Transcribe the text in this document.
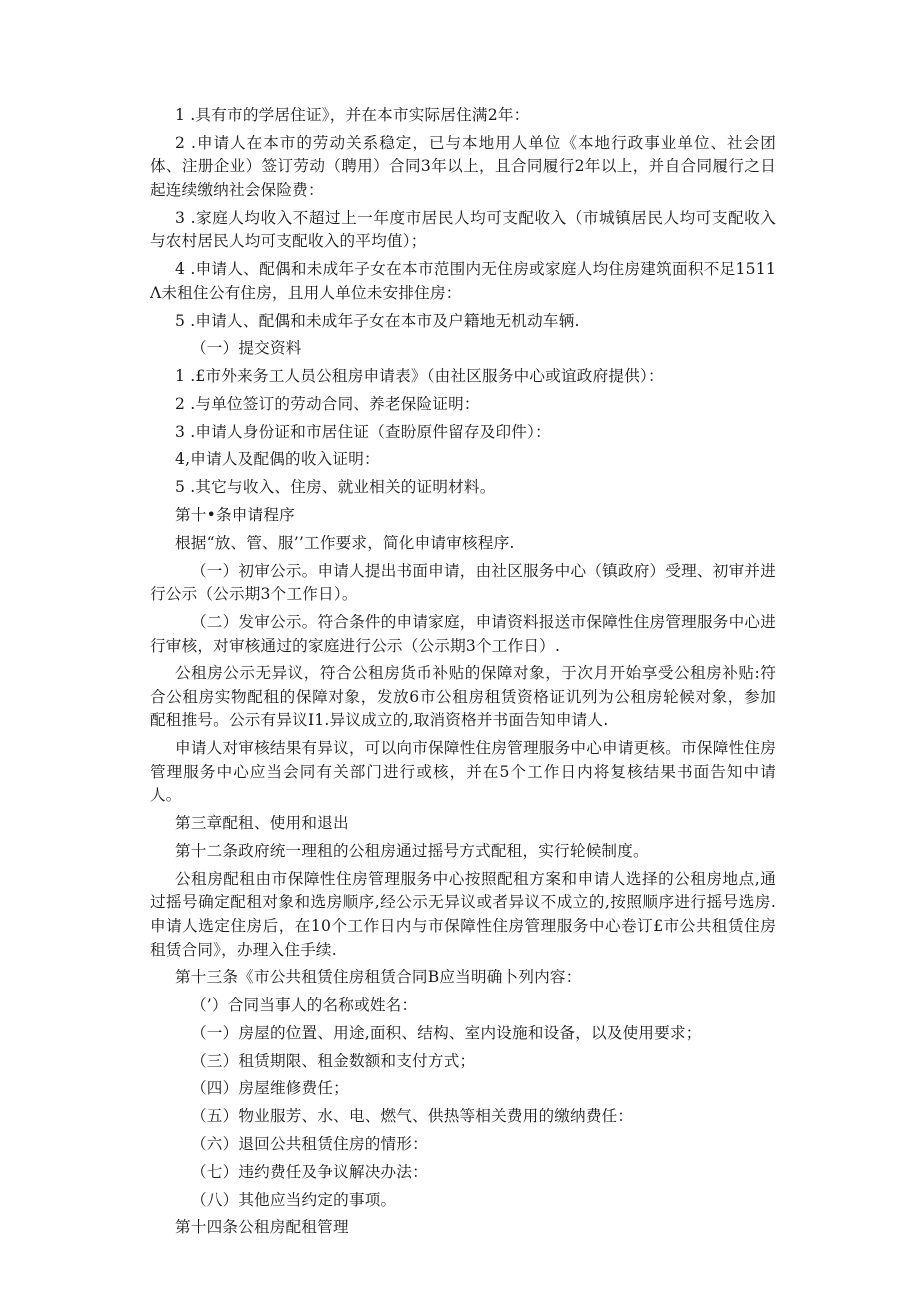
1 .具有市的学居住证》，并在本市实际居住满2年：

2 .申请人在本市的劳动关系稳定，已与本地用人单位《本地行政事业单位、社会团体、注册企业）签订劳动（聘用）合同3年以上，且合同履行2年以上，并自合同履行之日起连续缴纳社会保险费：

3 .家庭人均收入不超过上一年度市居民人均可支配收入（市城镇居民人均可支配收入与农村居民人均可支配收入的平均值）；

4 .申请人、配偶和未成年子女在本市范围内无住房或家庭人均住房建筑面积不足1511Λ未租住公有住房，且用人单位未安排住房：

5 .申请人、配偶和未成年子女在本市及户籍地无机动车辆.

（一）提交资料

1 .£市外来务工人员公租房申请表》（由社区服务中心或谊政府提供）：

2 .与单位签订的劳动合同、养老保险证明：

3 .申请人身份证和市居住证（查盼原件留存及印件）：

4,申请人及配偶的收入证明：

5 .其它与收入、住房、就业相关的证明材料。

第十•条申请程序

根据“放、管、服’’工作要求，简化申请审核程序.

（一）初审公示。申请人提出书面申请，由社区服务中心（镇政府）受理、初审并进行公示（公示期3个工作日）。

（二）发审公示。符合条件的申请家庭，申请资料报送市保障性住房管理服务中心进行审核，对审核通过的家庭进行公示（公示期3个工作日）.

公租房公示无异议，符合公租房货币补贴的保障对象，于次月开始享受公租房补贴:符合公租房实物配租的保障对象，发放6市公租房租赁资格证讥列为公租房轮候对象，参加配租推号。公示有异议I1.异议成立的,取消资格并书面告知申请人.

申请人对审核结果有异议，可以向市保障性住房管理服务中心申请更核。市保障性住房管理服务中心应当会同有关部门进行或核，并在5个工作日内将复核结果书面告知中请人。

第三章配租、使用和退出

第十二条政府统一理租的公租房通过摇号方式配租，实行轮候制度。

公租房配租由市保障性住房管理服务中心按照配租方案和申请人选择的公租房地点,通过摇号确定配租对象和选房顺序,经公示无异议或者异议不成立的,按照顺序进行摇号选房.申请人选定住房后，在10个工作日内与市保障性住房管理服务中心卷订£市公共租赁住房租赁合同》，办理入住手续.

第十三条《市公共租赁住房租赁合同B应当明确卜列内容：

（’）合同当事人的名称或姓名：

（一）房屋的位置、用途,面积、结构、室内设施和设备，以及使用要求；

（三）租赁期限、租金数额和支付方式；

（四）房屋维修费任；

（五）物业服芳、水、电、燃气、供热等相关费用的缴纳费任：

（六）退回公共租赁住房的情形：

（七）违约费任及争议解决办法：

（八）其他应当约定的事项。

第十四条公租房配租管理
